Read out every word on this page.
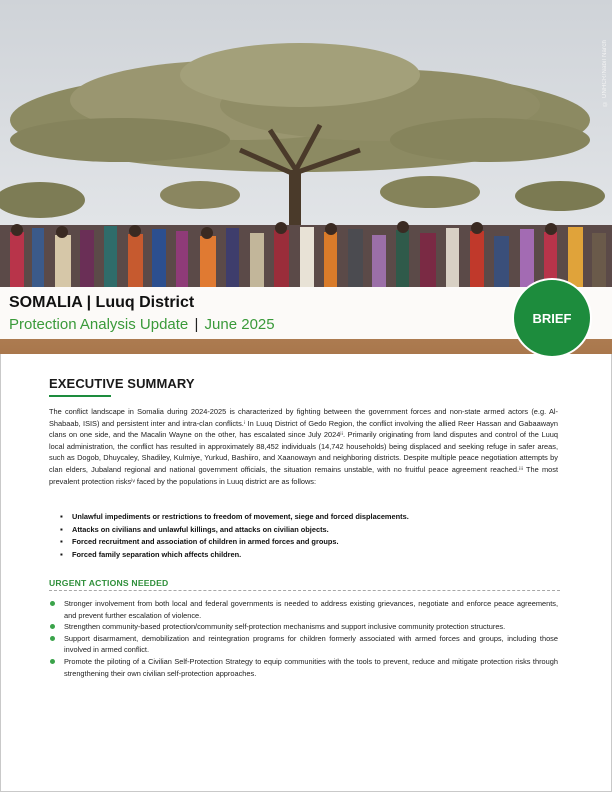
© UNHCR/Nabil Narch
SOMALIA | Luuq District
Protection Analysis Update | June 2025	BRIEF
EXECUTIVE SUMMARY

The conflict landscape in Somalia during 2024-2025 is characterized by fighting between the government forces and non-state armed actors (e.g. Al-Shabaab, ISIS) and persistent inter and intra-clan conflicts.ⁱ In Luuq District of Gedo Region, the conflict involving the allied Reer Hassan and Gabaawayn clans on one side, and the Macalin Wayne on the other, has escalated since July 2024ⁱⁱ. Primarily originating from land disputes and control of the Luuq local administration, the conflict has resulted in approximately 88,452 individuals (14,742 households) being displaced and seeking refuge in safer areas, such as Dogob, Dhuycaley, Shadiley, Kulmiye, Yurkud, Bashiiro, and Xaanowayn and neighboring districts. Despite multiple peace negotiation attempts by clan elders, Jubaland regional and national government officials, the situation remains unstable, with no fruitful peace agreement reached.ⁱⁱⁱ The most prevalent protection risksⁱᵛ faced by the populations in Luuq district are as follows:

▪ Unlawful impediments or restrictions to freedom of movement, siege and forced displacements.
▪ Attacks on civilians and unlawful killings, and attacks on civilian objects.
▪ Forced recruitment and association of children in armed forces and groups.
▪ Forced family separation which affects children.
URGENT ACTIONS NEEDED
Stronger involvement from both local and federal governments is needed to address existing grievances, negotiate and enforce peace agreements, and prevent further escalation of violence.
Strengthen community-based protection/community self-protection mechanisms and support inclusive community protection structures.
Support disarmament, demobilization and reintegration programs for children formerly associated with armed forces and groups, including those involved in armed conflict.
Promote the piloting of a Civilian Self-Protection Strategy to equip communities with the tools to prevent, reduce and mitigate protection risks through strengthening their own civilian self-protection approaches.
